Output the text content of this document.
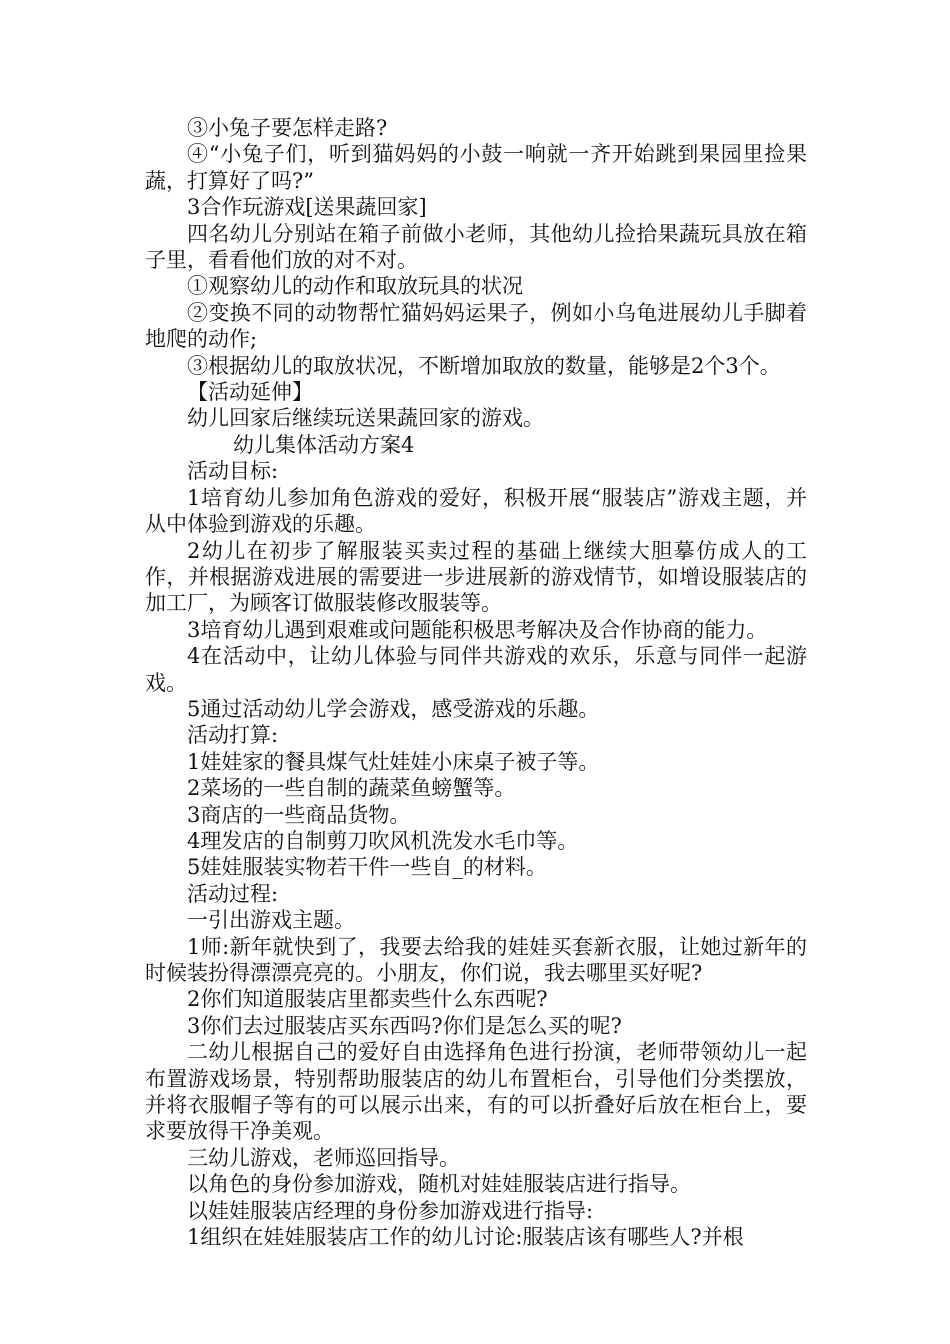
③小兔子要怎样走路?

④“小兔子们，听到猫妈妈的小鼓一响就一齐开始跳到果园里捡果蔬，打算好了吗?”

3合作玩游戏[送果蔬回家]

四名幼儿分别站在箱子前做小老师，其他幼儿捡拾果蔬玩具放在箱子里，看看他们放的对不对。

①观察幼儿的动作和取放玩具的状况

②变换不同的动物帮忙猫妈妈运果子，例如小乌龟进展幼儿手脚着地爬的动作;

③根据幼儿的取放状况，不断增加取放的数量，能够是2个3个。

【活动延伸】

幼儿回家后继续玩送果蔬回家的游戏。

幼儿集体活动方案4

活动目标:

1培育幼儿参加角色游戏的爱好，积极开展“服装店”游戏主题，并从中体验到游戏的乐趣。

2幼儿在初步了解服装买卖过程的基础上继续大胆摹仿成人的工作，并根据游戏进展的需要进一步进展新的游戏情节，如增设服装店的加工厂，为顾客订做服装修改服装等。

3培育幼儿遇到艰难或问题能积极思考解决及合作协商的能力。

4在活动中，让幼儿体验与同伴共游戏的欢乐，乐意与同伴一起游戏。

5通过活动幼儿学会游戏，感受游戏的乐趣。

活动打算:

1娃娃家的餐具煤气灶娃娃小床桌子被子等。

2菜场的一些自制的蔬菜鱼螃蟹等。

3商店的一些商品货物。

4理发店的自制剪刀吹风机洗发水毛巾等。

5娃娃服装实物若干件一些自_的材料。

活动过程:

一引出游戏主题。

1师:新年就快到了，我要去给我的娃娃买套新衣服，让她过新年的时候装扮得漂漂亮亮的。小朋友，你们说，我去哪里买好呢?

2你们知道服装店里都卖些什么东西呢?

3你们去过服装店买东西吗?你们是怎么买的呢?

二幼儿根据自己的爱好自由选择角色进行扮演，老师带领幼儿一起布置游戏场景，特别帮助服装店的幼儿布置柜台，引导他们分类摆放，并将衣服帽子等有的可以展示出来，有的可以折叠好后放在柜台上，要求要放得干净美观。

三幼儿游戏，老师巡回指导。

以角色的身份参加游戏，随机对娃娃服装店进行指导。

以娃娃服装店经理的身份参加游戏进行指导:

1组织在娃娃服装店工作的幼儿讨论:服装店该有哪些人?并根
